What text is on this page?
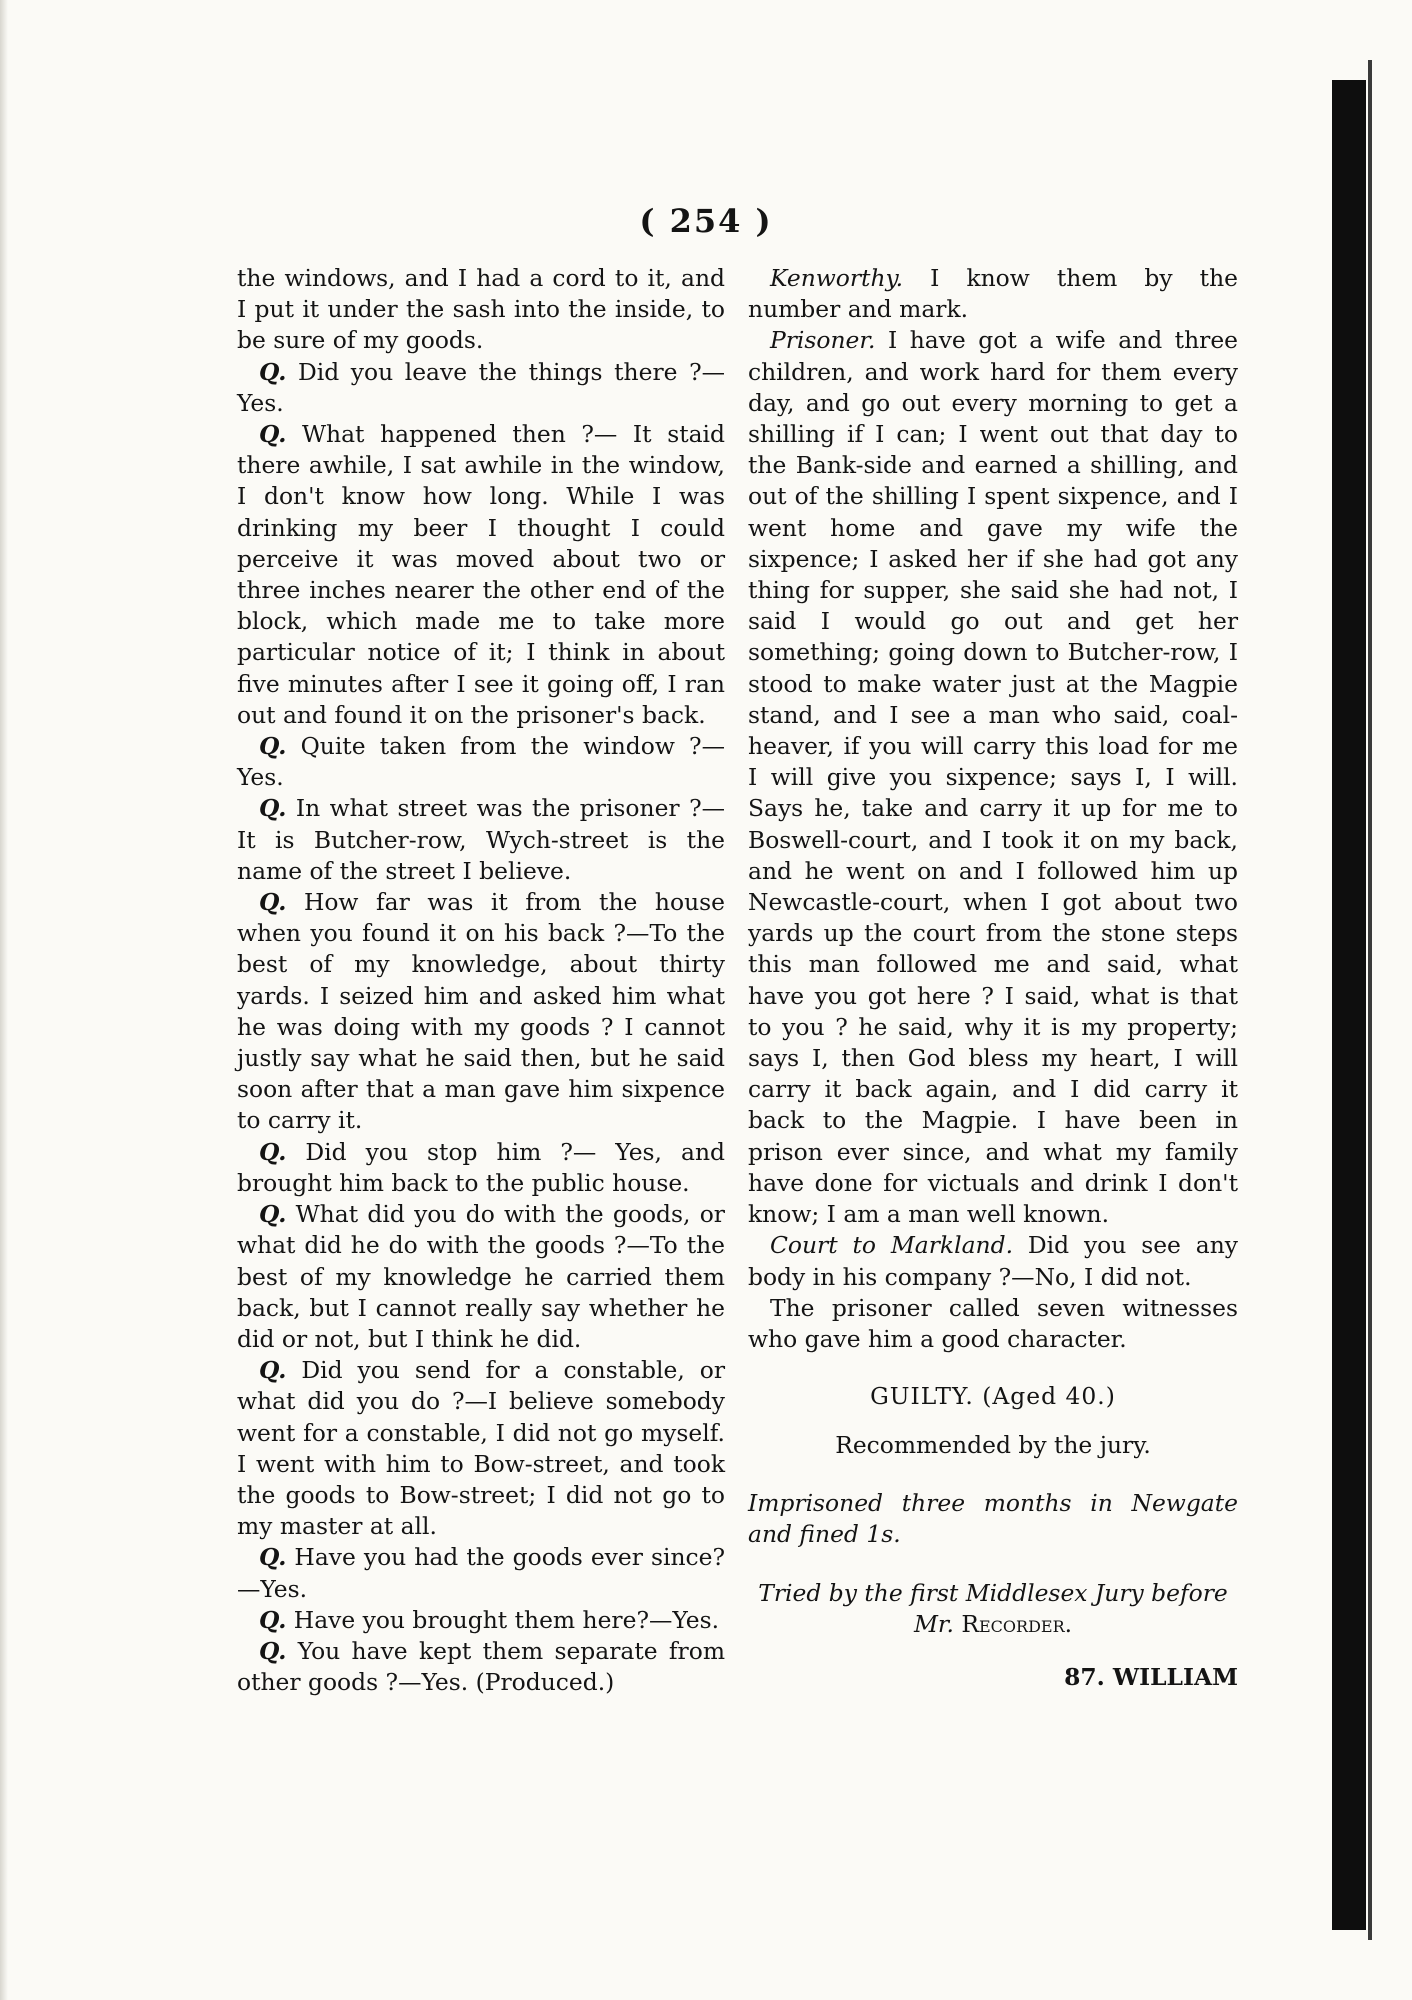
( 254 )

the windows, and I had a cord to it, and I put it under the sash into the inside, to be sure of my goods.

Q. Did you leave the things there ?—Yes.

Q. What happened then ?— It staid there awhile, I sat awhile in the window, I don't know how long. While I was drinking my beer I thought I could perceive it was moved about two or three inches nearer the other end of the block, which made me to take more particular notice of it; I think in about five minutes after I see it going off, I ran out and found it on the prisoner's back.

Q. Quite taken from the window ?—Yes.

Q. In what street was the prisoner ?—It is Butcher-row, Wych-street is the name of the street I believe.

Q. How far was it from the house when you found it on his back ?—To the best of my knowledge, about thirty yards. I seized him and asked him what he was doing with my goods ? I cannot justly say what he said then, but he said soon after that a man gave him sixpence to carry it.

Q. Did you stop him ?— Yes, and brought him back to the public house.

Q. What did you do with the goods, or what did he do with the goods ?—To the best of my knowledge he carried them back, but I cannot really say whether he did or not, but I think he did.

Q. Did you send for a constable, or what did you do ?—I believe somebody went for a constable, I did not go myself. I went with him to Bow-street, and took the goods to Bow-street; I did not go to my master at all.

Q. Have you had the goods ever since? —Yes.

Q. Have you brought them here?—Yes.

Q. You have kept them separate from other goods ?—Yes. (Produced.)

Kenworthy. I know them by the number and mark.

Prisoner. I have got a wife and three children, and work hard for them every day, and go out every morning to get a shilling if I can; I went out that day to the Bank-side and earned a shilling, and out of the shilling I spent sixpence, and I went home and gave my wife the sixpence; I asked her if she had got any thing for supper, she said she had not, I said I would go out and get her something; going down to Butcher-row, I stood to make water just at the Magpie stand, and I see a man who said, coal-heaver, if you will carry this load for me I will give you sixpence; says I, I will. Says he, take and carry it up for me to Boswell-court, and I took it on my back, and he went on and I followed him up Newcastle-court, when I got about two yards up the court from the stone steps this man followed me and said, what have you got here ? I said, what is that to you ? he said, why it is my property; says I, then God bless my heart, I will carry it back again, and I did carry it back to the Magpie. I have been in prison ever since, and what my family have done for victuals and drink I don't know; I am a man well known.

Court to Markland. Did you see any body in his company ?—No, I did not.

The prisoner called seven witnesses who gave him a good character.

GUILTY. (Aged 40.)

Recommended by the jury.

Imprisoned three months in Newgate and fined 1s.

Tried by the first Middlesex Jury before

Mr. Recorder.

87. WILLIAM
